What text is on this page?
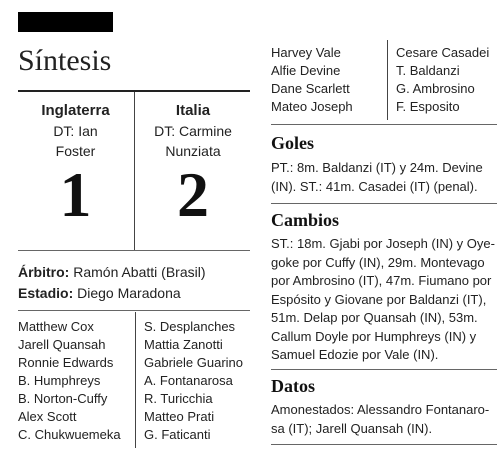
Síntesis
Inglaterra
DT: Ian
Foster
1
Italia
DT: Carmine
Nunziata
2
Árbitro: Ramón Abatti (Brasil)
Estadio: Diego Maradona
Matthew Cox
Jarell Quansah
Ronnie Edwards
B. Humphreys
B. Norton-Cuffy
Alex Scott
C. Chukwuemeka
S. Desplanches
Mattia Zanotti
Gabriele Guarino
A. Fontanarosa
R. Turicchia
Matteo Prati
G. Faticanti
Harvey Vale
Alfie Devine
Dane Scarlett
Mateo Joseph
Cesare Casadei
T. Baldanzi
G. Ambrosino
F. Esposito
Goles
PT.: 8m. Baldanzi (IT) y 24m. Devine
(IN). ST.: 41m. Casadei (IT) (penal).
Cambios
ST.: 18m. Gjabi por Joseph (IN) y Oye-
goke por Cuffy (IN), 29m. Montevago
por Ambrosino (IT), 47m. Fiumano por
Espósito y Giovane por Baldanzi (IT),
51m. Delap por Quansah (IN), 53m.
Callum Doyle por Humphreys (IN) y
Samuel Edozie por Vale (IN).
Datos
Amonestados: Alessandro Fontanaro-
sa (IT); Jarell Quansah (IN).
